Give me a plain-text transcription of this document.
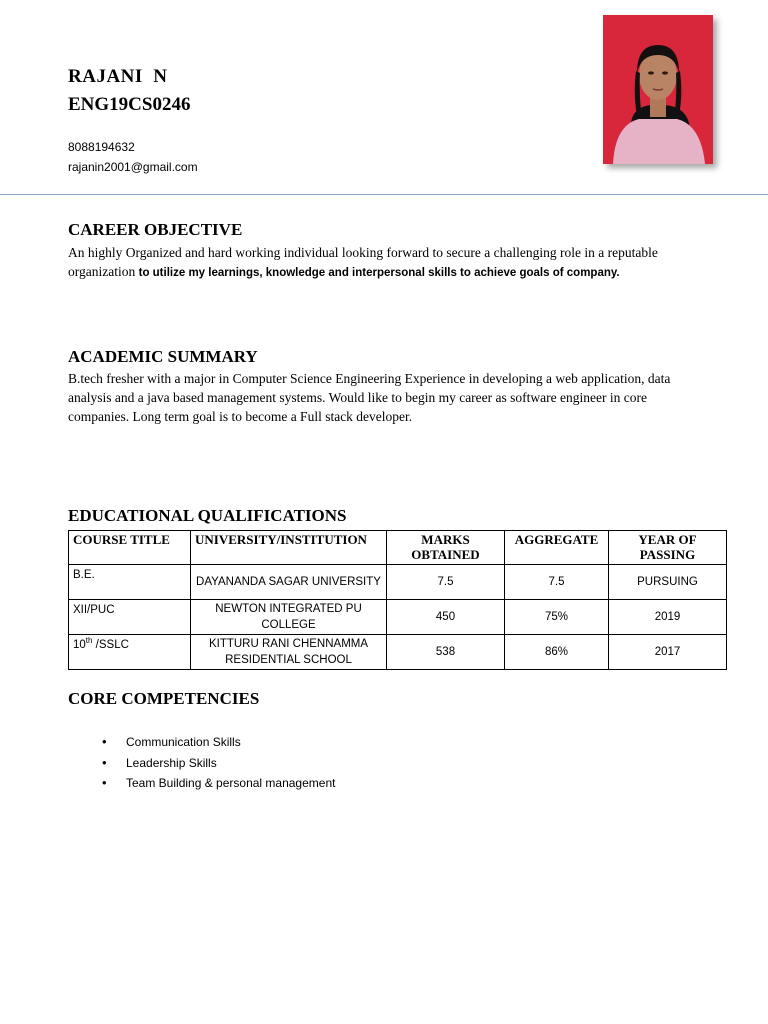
RAJANI  N
ENG19CS0246
8088194632
rajanin2001@gmail.com
CAREER OBJECTIVE
An highly Organized and hard working individual looking forward to secure a challenging role in a reputable organization to utilize my learnings, knowledge and interpersonal skills to achieve goals of company.
ACADEMIC SUMMARY
B.tech fresher with a major in Computer Science Engineering Experience in developing a web application, data analysis and a java based management systems. Would like to begin my career as software engineer in core companies. Long term goal is to become a Full stack developer.
EDUCATIONAL QUALIFICATIONS
COURSE TITLE	UNIVERSITY/INSTITUTION	MARKS OBTAINED	AGGREGATE	YEAR OF PASSING
B.E.	DAYANANDA SAGAR UNIVERSITY	7.5	7.5	PURSUING
XII/PUC	NEWTON INTEGRATED PU COLLEGE	450	75%	2019
10th /SSLC	KITTURU RANI CHENNAMMA RESIDENTIAL SCHOOL	538	86%	2017
CORE COMPETENCIES
• Communication Skills
• Leadership Skills
• Team Building & personal management
